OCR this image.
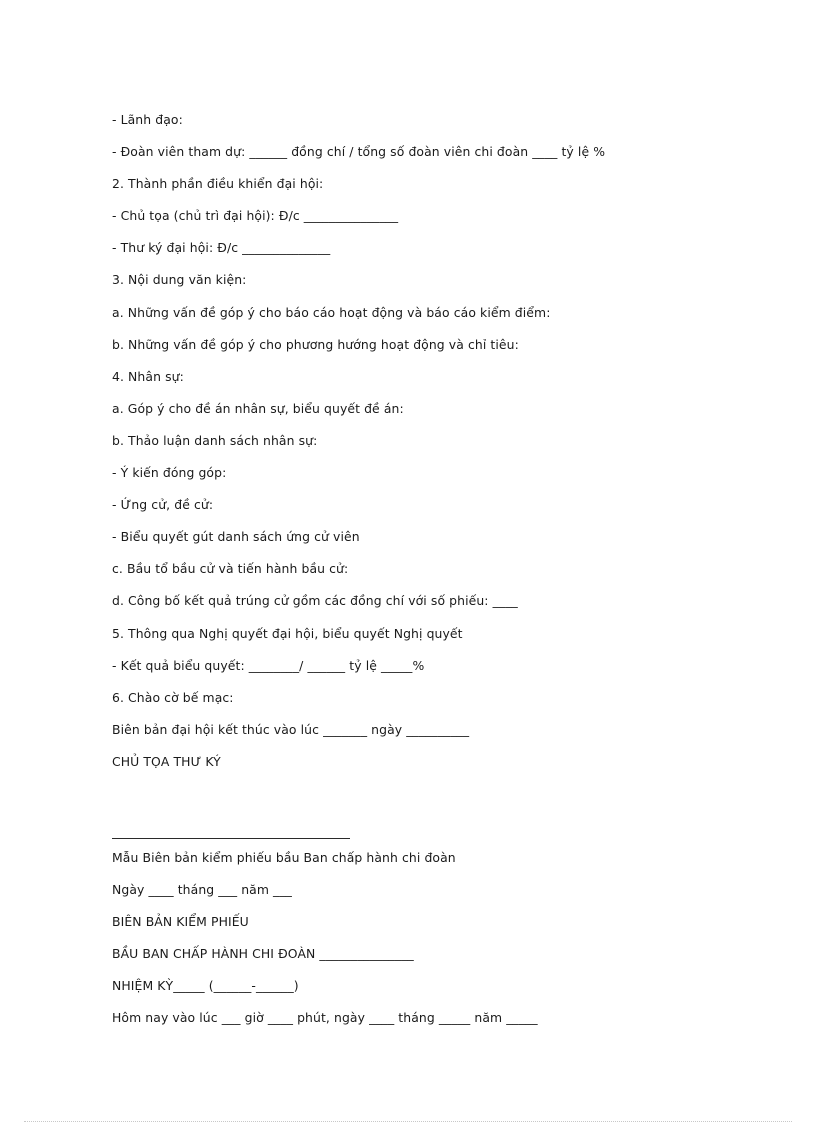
- Lãnh đạo:
- Đoàn viên tham dự: ______ đồng chí / tổng số đoàn viên chi đoàn ____ tỷ lệ %
2. Thành phần điều khiển đại hội:
- Chủ tọa (chủ trì đại hội): Đ/c _______________
- Thư ký đại hội: Đ/c ______________
3. Nội dung văn kiện:
a. Những vấn đề góp ý cho báo cáo hoạt động và báo cáo kiểm điểm:
b. Những vấn đề góp ý cho phương hướng hoạt động và chỉ tiêu:
4. Nhân sự:
a. Góp ý cho đề án nhân sự, biểu quyết đề án:
b. Thảo luận danh sách nhân sự:
- Ý kiến đóng góp:
- Ứng cử, đề cử:
- Biểu quyết gút danh sách ứng cử viên
c. Bầu tổ bầu cử và tiến hành bầu cử:
d. Công bố kết quả trúng cử gồm các đồng chí với số phiếu: ____
5. Thông qua Nghị quyết đại hội, biểu quyết Nghị quyết
- Kết quả biểu quyết: ________/ ______ tỷ lệ _____%
6. Chào cờ bế mạc:
Biên bản đại hội kết thúc vào lúc _______ ngày __________
CHỦ TỌA THƯ KÝ
Mẫu Biên bản kiểm phiếu bầu Ban chấp hành chi đoàn
Ngày ____ tháng ___ năm ___
BIÊN BẢN KIỂM PHIẾU
BẦU BAN CHẤP HÀNH CHI ĐOÀN _______________
NHIỆM KỲ_____ (______-______)
Hôm nay vào lúc ___ giờ ____ phút, ngày ____ tháng _____ năm _____
